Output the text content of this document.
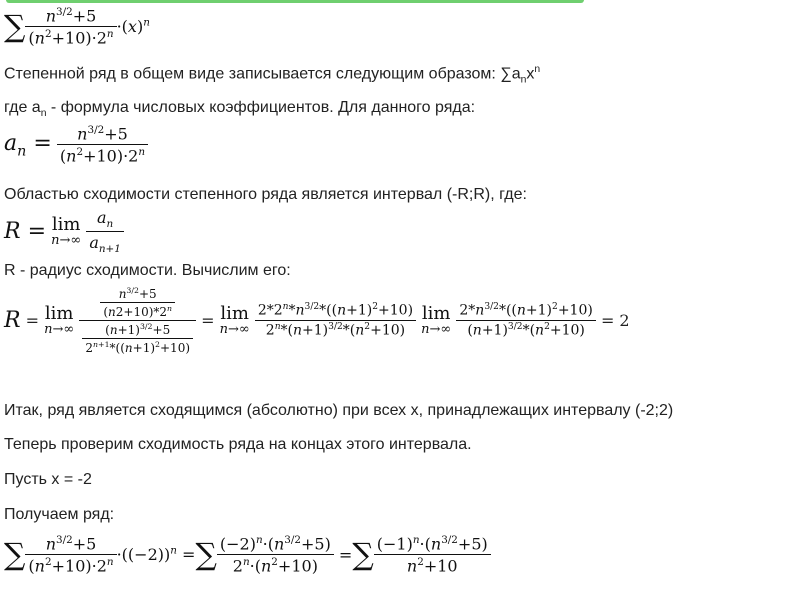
∑ $\frac{n^{3/2}+5}{(n^2+10)\cdot 2^n} \cdot(x)^n$
Степенной ряд в общем виде записывается следующим образом: $\sum a_nx^n$
где $a_n$ - формула числовых коэффициентов. Для данного ряда:
$a_n = \frac{n^{3/2}+5}{(n^2+10)\cdot 2^n}$
Областью сходимости степенного ряда является интервал (-R;R), где:
R = lim
n→∞
$\frac{a_n}{a_{n+1}}$
R - радиус сходимости. Вычислим его:
R = lim
n→∞
$\frac{\frac{n^{3/2}+5}{(n2+10)*2^n}}{\frac{(n+1)^{3/2}+5}{2^{n+1}*((n+1)^2+10)}} = \lim$
n→∞
$\frac{2*2^n*n^{3/2}*((n+1)^2+10)}{2^n*(n+1)^{3/2}*(n^2+10)}$ lim
n→∞
$\frac{2*n^{3/2}*((n+1)^2+10)}{(n+1)^{3/2}*(n^2+10)} = 2$
Итак, ряд является сходящимся (абсолютно) при всех x, принадлежащих интервалу (-2;2)
Теперь проверим сходимость ряда на концах этого интервала.
Пусть x = -2
Получаем ряд:
∑ $\frac{n^{3/2}+5}{(n^2+10)\cdot 2^n} \cdot((-2))^n$ =∑ $\frac{(-2)^n\cdot(n^{3/2}+5)}{2^n\cdot(n^2+10)}$ =∑ $\frac{(-1)^n\cdot(n^{3/2}+5)}{n^2+10}$
